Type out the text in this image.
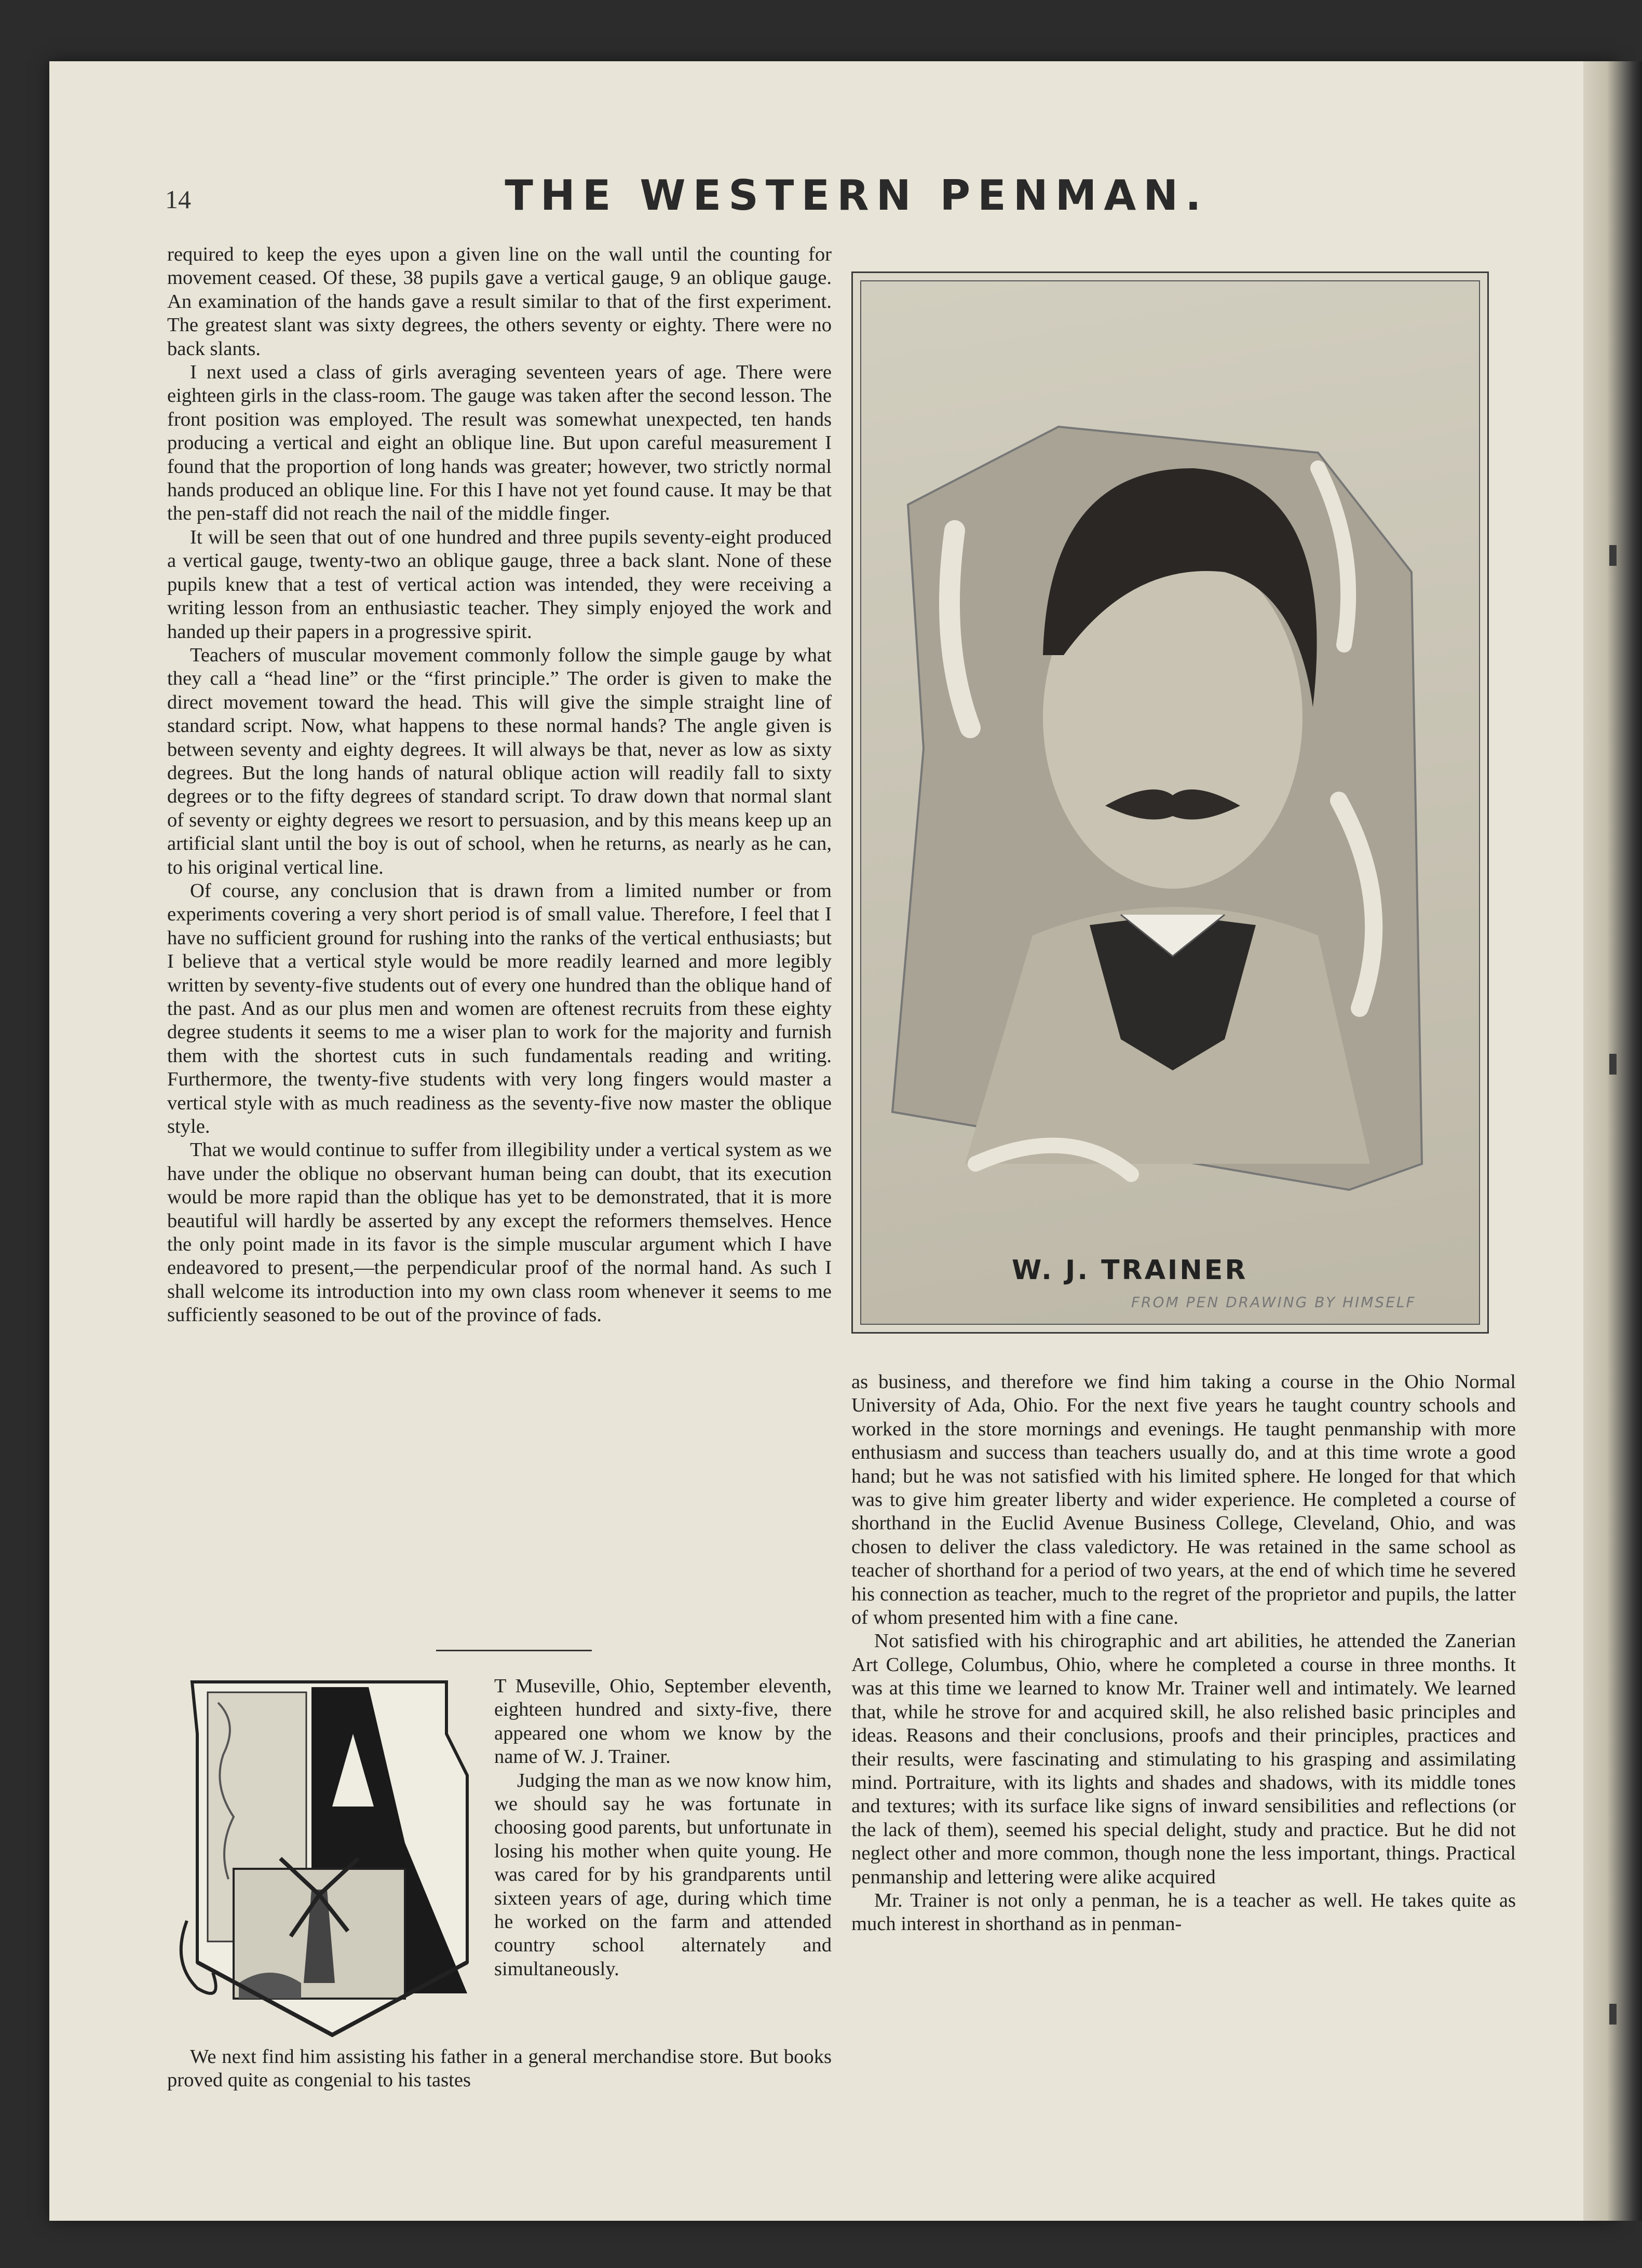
14	THE WESTERN PENMAN.

required to keep the eyes upon a given line on the wall until the counting for movement ceased. Of these, 38 pupils gave a vertical gauge, 9 an oblique gauge. An examination of the hands gave a result similar to that of the first experiment. The greatest slant was sixty degrees, the others seventy or eighty. There were no back slants.

I next used a class of girls averaging seventeen years of age. There were eighteen girls in the class-room. The gauge was taken after the second lesson. The front position was employed. The result was somewhat unexpected, ten hands producing a vertical and eight an oblique line. But upon careful measurement I found that the proportion of long hands was greater; however, two strictly normal hands produced an oblique line. For this I have not yet found cause. It may be that the pen-staff did not reach the nail of the middle finger.

It will be seen that out of one hundred and three pupils seventy-eight produced a vertical gauge, twenty-two an oblique gauge, three a back slant. None of these pupils knew that a test of vertical action was intended, they were receiving a writing lesson from an enthusiastic teacher. They simply enjoyed the work and handed up their papers in a progressive spirit.

Teachers of muscular movement commonly follow the simple gauge by what they call a “head line” or the “first principle.” The order is given to make the direct movement toward the head. This will give the simple straight line of standard script. Now, what happens to these normal hands? The angle given is between seventy and eighty degrees. It will always be that, never as low as sixty degrees. But the long hands of natural oblique action will readily fall to sixty degrees or to the fifty degrees of standard script. To draw down that normal slant of seventy or eighty degrees we resort to persuasion, and by this means keep up an artificial slant until the boy is out of school, when he returns, as nearly as he can, to his original vertical line.

Of course, any conclusion that is drawn from a limited number or from experiments covering a very short period is of small value. Therefore, I feel that I have no sufficient ground for rushing into the ranks of the vertical enthusiasts; but I believe that a vertical style would be more readily learned and more legibly written by seventy-five students out of every one hundred than the oblique hand of the past. And as our plus men and women are oftenest recruits from these eighty degree students it seems to me a wiser plan to work for the majority and furnish them with the shortest cuts in such fundamentals reading and writing. Furthermore, the twenty-five students with very long fingers would master a vertical style with as much readiness as the seventy-five now master the oblique style.

That we would continue to suffer from illegibility under a vertical system as we have under the oblique no observant human being can doubt, that its execution would be more rapid than the oblique has yet to be demonstrated, that it is more beautiful will hardly be asserted by any except the reformers themselves. Hence the only point made in its favor is the simple muscular argument which I have endeavored to present,—the perpendicular proof of the normal hand. As such I shall welcome its introduction into my own class room whenever it seems to me sufficiently seasoned to be out of the province of fads.

T Museville, Ohio, September eleventh, eighteen hundred and sixty-five, there appeared one whom we know by the name of W. J. Trainer.

Judging the man as we now know him, we should say he was fortunate in choosing good parents, but unfortunate in losing his mother when quite young. He was cared for by his grandparents until sixteen years of age, during which time he worked on the farm and attended country school alternately and simultaneously.

We next find him assisting his father in a general merchandise store. But books proved quite as congenial to his tastes

W. J. TRAINER
FROM PEN DRAWING BY HIMSELF

as business, and therefore we find him taking a course in the Ohio Normal University of Ada, Ohio. For the next five years he taught country schools and worked in the store mornings and evenings. He taught penmanship with more enthusiasm and success than teachers usually do, and at this time wrote a good hand; but he was not satisfied with his limited sphere. He longed for that which was to give him greater liberty and wider experience. He completed a course of shorthand in the Euclid Avenue Business College, Cleveland, Ohio, and was chosen to deliver the class valedictory. He was retained in the same school as teacher of shorthand for a period of two years, at the end of which time he severed his connection as teacher, much to the regret of the proprietor and pupils, the latter of whom presented him with a fine cane.

Not satisfied with his chirographic and art abilities, he attended the Zanerian Art College, Columbus, Ohio, where he completed a course in three months. It was at this time we learned to know Mr. Trainer well and intimately. We learned that, while he strove for and acquired skill, he also relished basic principles and ideas. Reasons and their conclusions, proofs and their principles, practices and their results, were fascinating and stimulating to his grasping and assimilating mind. Portraiture, with its lights and shades and shadows, with its middle tones and textures; with its surface like signs of inward sensibilities and reflections (or the lack of them), seemed his special delight, study and practice. But he did not neglect other and more common, though none the less important, things. Practical penmanship and lettering were alike acquired

Mr. Trainer is not only a penman, he is a teacher as well. He takes quite as much interest in shorthand as in penman-
